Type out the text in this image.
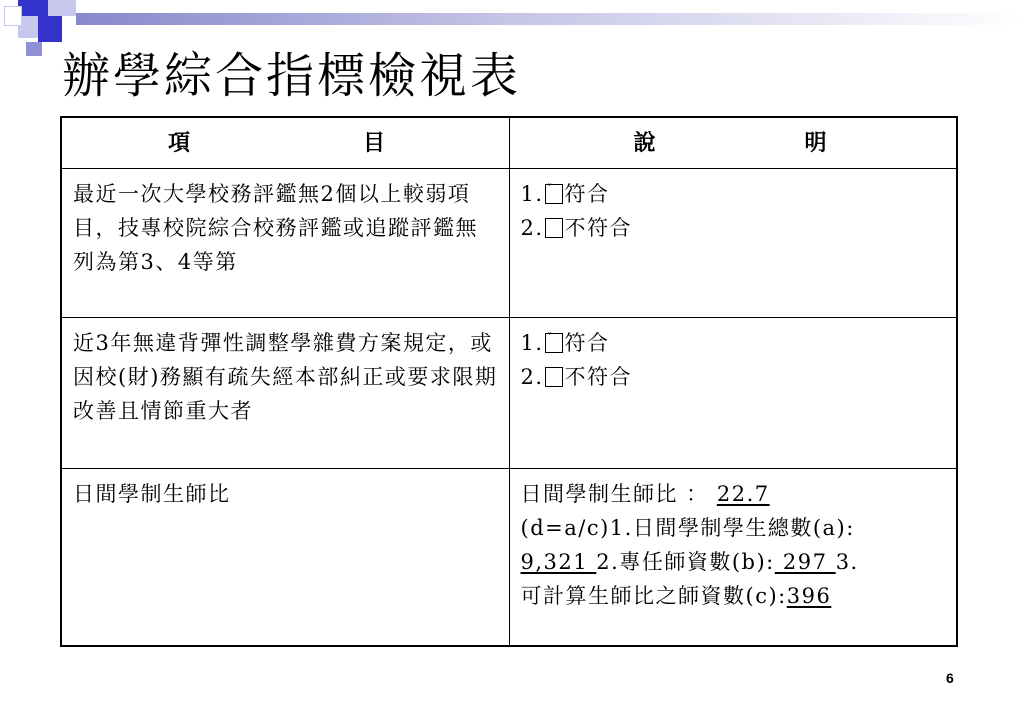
辦學綜合指標檢視表
項 目	說 明

最近一次大學校務評鑑無2個以上較弱項目，技專校院綜合校務評鑑或追蹤評鑑無列為第3、4等第	1. ˇ 符合
2. 不符合

近3年無違背彈性調整學雜費方案規定，或因校(財)務顯有疏失經本部糾正或要求限期改善且情節重大者	1. ˇ 符合
2. 不符合

日間學制生師比	日間學制生師比 ： 22.7
(d=a/c)1.日間學制學生總數(a):
9,321 2.專任師資數(b): 297 3.
可計算生師比之師資數(c):396
6
